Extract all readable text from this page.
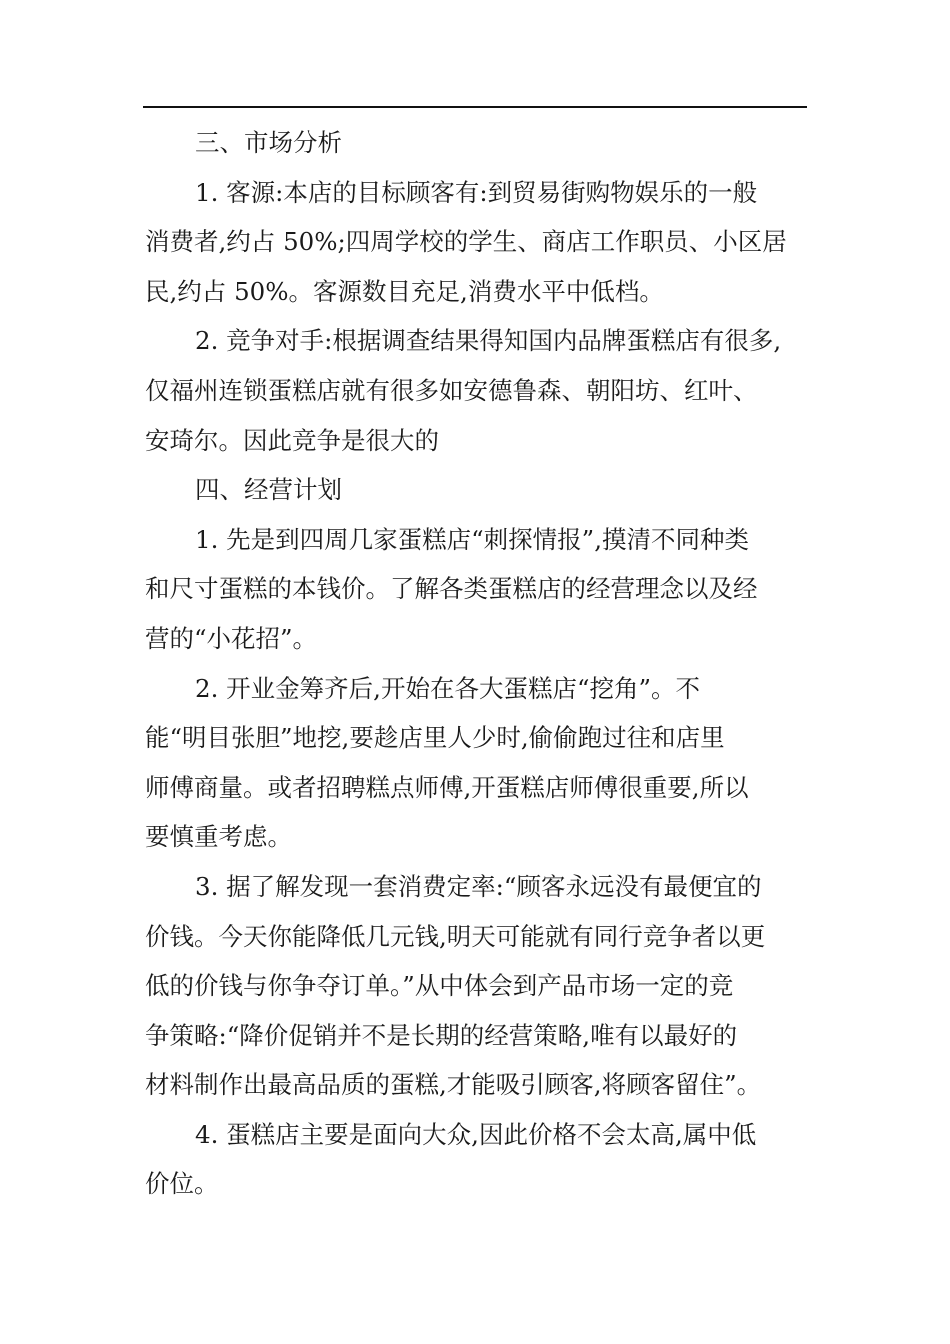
三、市场分析
1. 客源:本店的目标顾客有:到贸易街购物娱乐的一般
消费者,约占 50%;四周学校的学生、商店工作职员、小区居
民,约占 50%。客源数目充足,消费水平中低档。
2. 竞争对手:根据调查结果得知国内品牌蛋糕店有很多,
仅福州连锁蛋糕店就有很多如安德鲁森、朝阳坊、红叶、
安琦尔。因此竞争是很大的
四、经营计划
1. 先是到四周几家蛋糕店“刺探情报”,摸清不同种类
和尺寸蛋糕的本钱价。了解各类蛋糕店的经营理念以及经
营的“小花招”。
2. 开业金筹齐后,开始在各大蛋糕店“挖角”。不
能“明目张胆”地挖,要趁店里人少时,偷偷跑过往和店里
师傅商量。或者招聘糕点师傅,开蛋糕店师傅很重要,所以
要慎重考虑。
3. 据了解发现一套消费定率:“顾客永远没有最便宜的
价钱。今天你能降低几元钱,明天可能就有同行竞争者以更
低的价钱与你争夺订单。”从中体会到产品市场一定的竞
争策略:“降价促销并不是长期的经营策略,唯有以最好的
材料制作出最高品质的蛋糕,才能吸引顾客,将顾客留住”。
4. 蛋糕店主要是面向大众,因此价格不会太高,属中低
价位。
